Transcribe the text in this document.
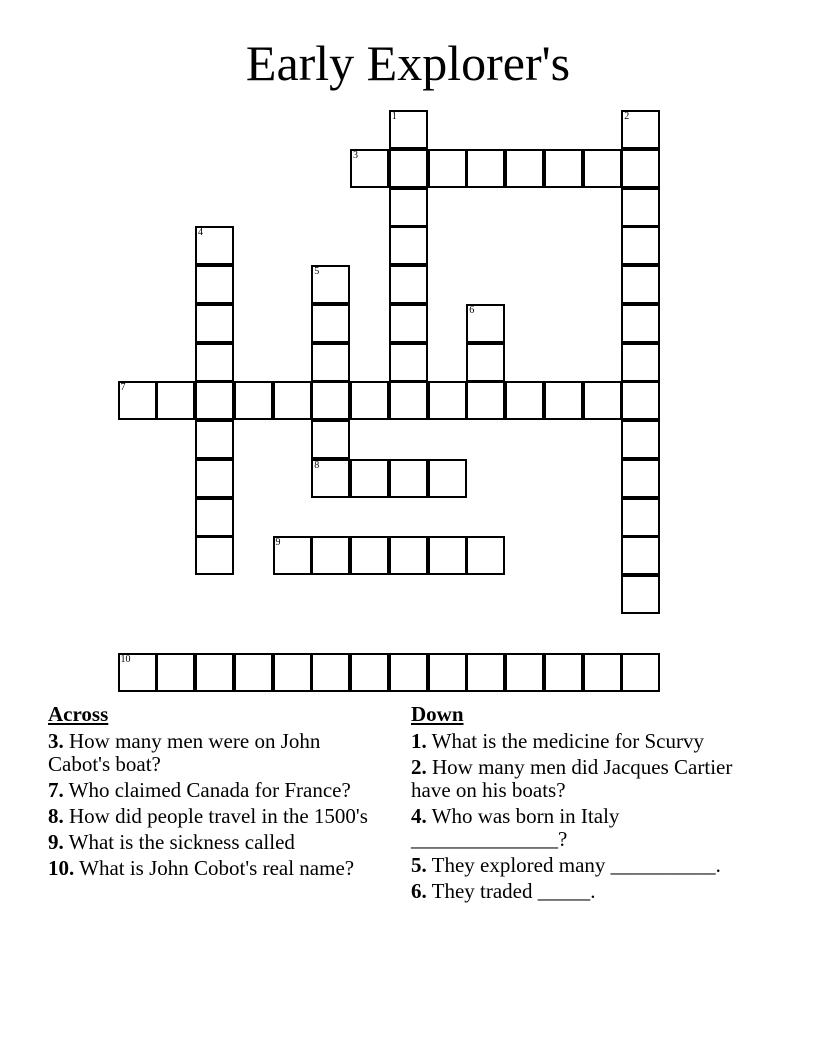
Early Explorer's
3
7
8
9
10
1	2
4
5
6
Across
3. How many men were on John Cabot's boat?
7. Who claimed Canada for France?
8. How did people travel in the 1500's
9. What is the sickness called
10. What is John Cobot's real name?
Down
1. What is the medicine for Scurvy
2. How many men did Jacques Cartier have on his boats?
4. Who was born in Italy ______________?
5. They explored many __________.
6. They traded _____.
